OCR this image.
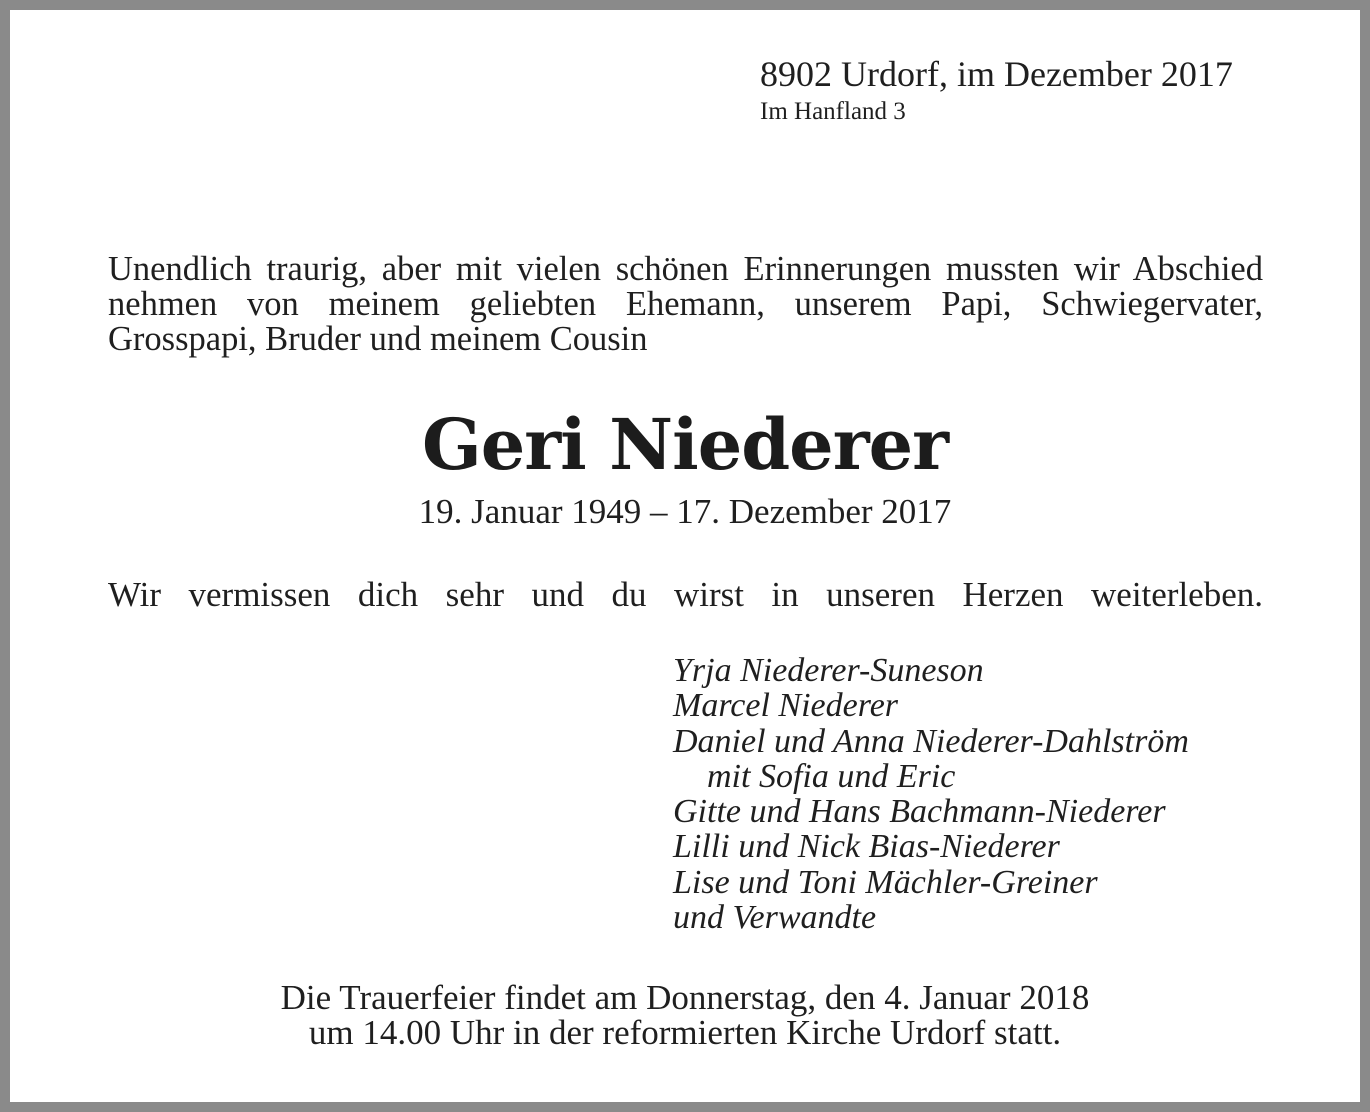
8902 Urdorf, im Dezember 2017
Im Hanfland 3
Unendlich traurig, aber mit vielen schönen Erinnerungen mussten wir Abschied nehmen von meinem geliebten Ehemann, unserem Papi, Schwiegervater, Grosspapi, Bruder und meinem Cousin
Geri Niederer
19. Januar 1949 – 17. Dezember 2017
Wir vermissen dich sehr und du wirst in unseren Herzen weiterleben.
Yrja Niederer-Suneson
Marcel Niederer
Daniel und Anna Niederer-Dahlström
mit Sofia und Eric
Gitte und Hans Bachmann-Niederer
Lilli und Nick Bias-Niederer
Lise und Toni Mächler-Greiner
und Verwandte
Die Trauerfeier findet am Donnerstag, den 4. Januar 2018
um 14.00 Uhr in der reformierten Kirche Urdorf statt.
